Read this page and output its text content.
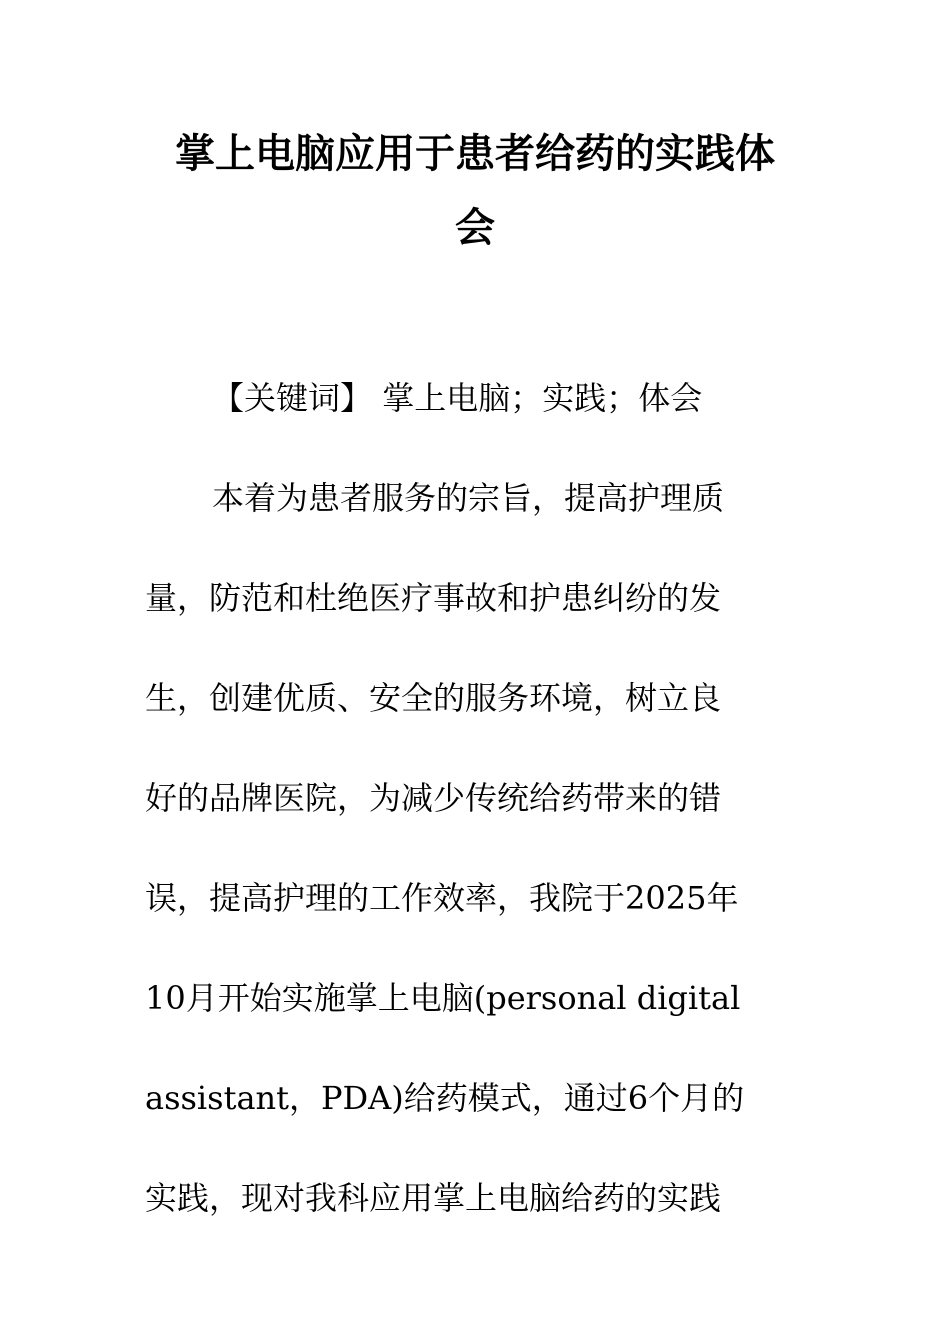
掌上电脑应用于患者给药的实践体
会
【关键词】 掌上电脑；实践；体会
本着为患者服务的宗旨，提高护理质
量，防范和杜绝医疗事故和护患纠纷的发
生，创建优质、安全的服务环境，树立良
好的品牌医院，为减少传统给药带来的错
误，提高护理的工作效率，我院于2025年
10月开始实施掌上电脑(personal digital
assistant，PDA)给药模式，通过6个月的
实践，现对我科应用掌上电脑给药的实践
